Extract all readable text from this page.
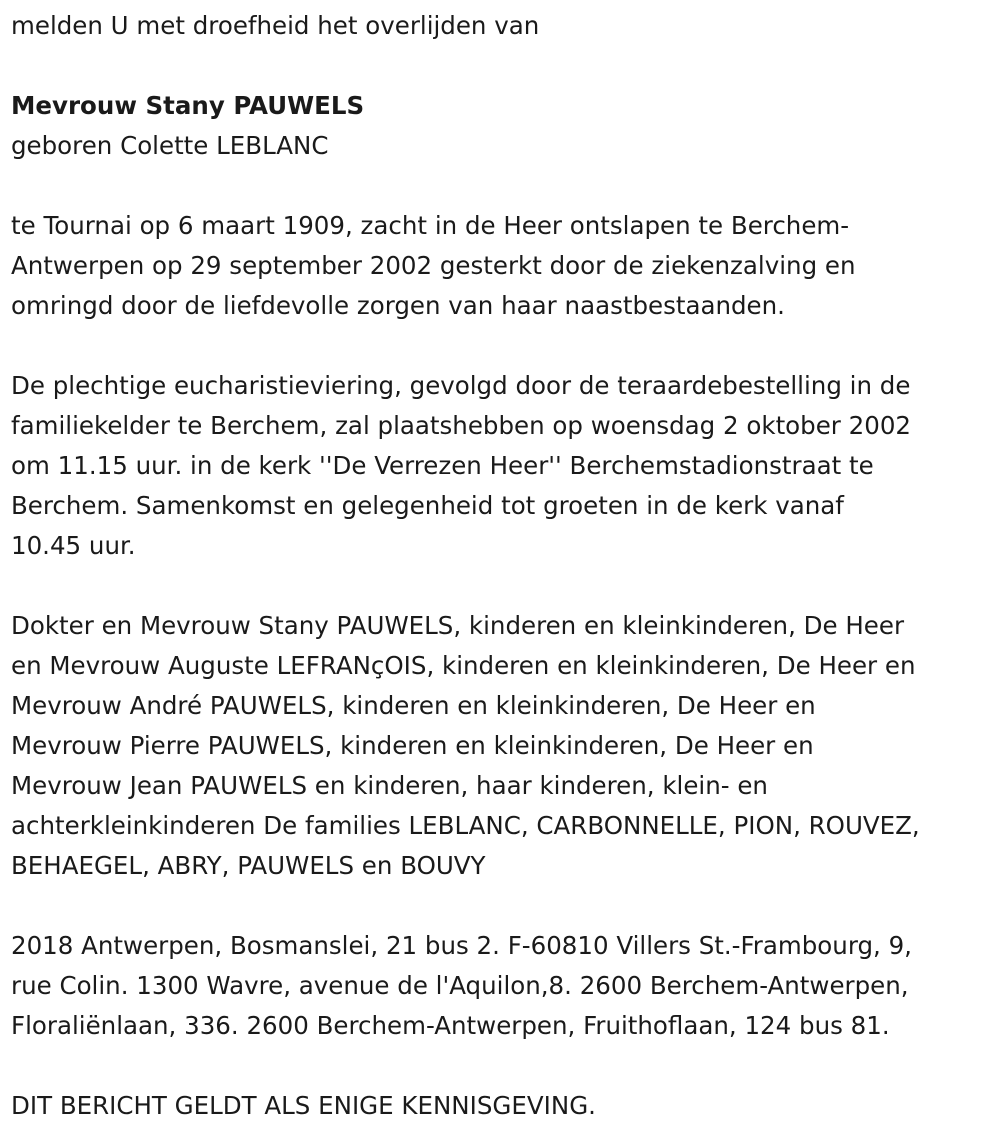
melden U met droefheid het overlijden van

Mevrouw Stany PAUWELS

geboren Colette LEBLANC

te Tournai op 6 maart 1909, zacht in de Heer ontslapen te Berchem-
Antwerpen op 29 september 2002 gesterkt door de ziekenzalving en
omringd door de liefdevolle zorgen van haar naastbestaanden.

De plechtige eucharistieviering, gevolgd door de teraardebestelling in de
familiekelder te Berchem, zal plaatshebben op woensdag 2 oktober 2002
om 11.15 uur. in de kerk ''De Verrezen Heer'' Berchemstadionstraat te
Berchem. Samenkomst en gelegenheid tot groeten in de kerk vanaf
10.45 uur.

Dokter en Mevrouw Stany PAUWELS, kinderen en kleinkinderen, De Heer
en Mevrouw Auguste LEFRANçOIS, kinderen en kleinkinderen, De Heer en
Mevrouw André PAUWELS, kinderen en kleinkinderen, De Heer en
Mevrouw Pierre PAUWELS, kinderen en kleinkinderen, De Heer en
Mevrouw Jean PAUWELS en kinderen, haar kinderen, klein- en
achterkleinkinderen De families LEBLANC, CARBONNELLE, PION, ROUVEZ,
BEHAEGEL, ABRY, PAUWELS en BOUVY

2018 Antwerpen, Bosmanslei, 21 bus 2. F-60810 Villers St.-Frambourg, 9,
rue Colin. 1300 Wavre, avenue de l'Aquilon,8. 2600 Berchem-Antwerpen,
Floraliënlaan, 336. 2600 Berchem-Antwerpen, Fruithoflaan, 124 bus 81.

DIT BERICHT GELDT ALS ENIGE KENNISGEVING.
